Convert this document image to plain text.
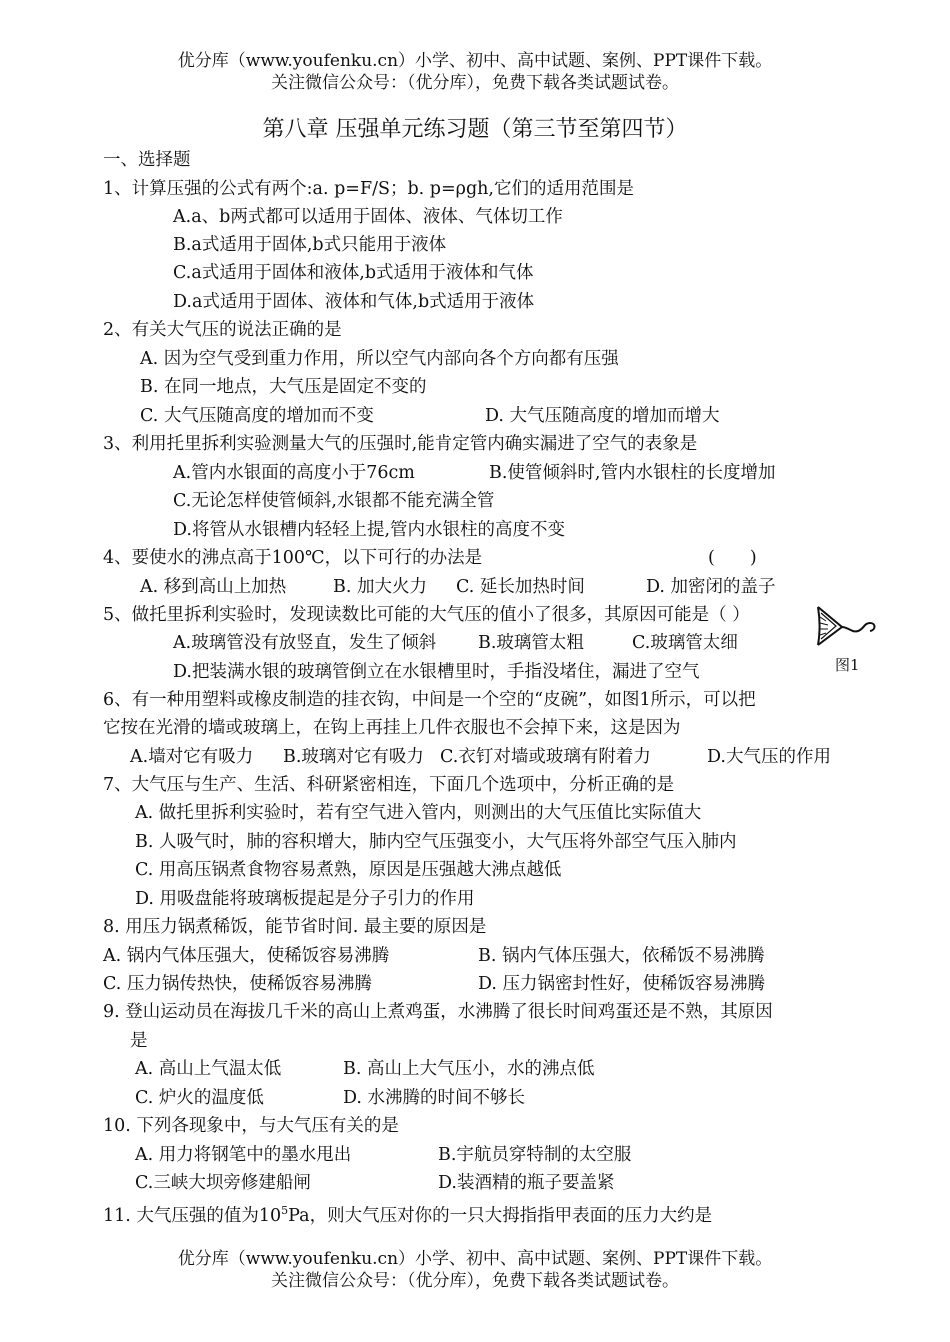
优分库（www.youfenku.cn）小学、初中、高中试题、案例、PPT课件下载。
关注微信公众号：（优分库），免费下载各类试题试卷。
第八章 压强单元练习题（第三节至第四节）
一、选择题
1、计算压强的公式有两个:a. p=F/S；b. p=ρgh,它们的适用范围是
A.a、b两式都可以适用于固体、液体、气体切工作
B.a式适用于固体,b式只能用于液体
C.a式适用于固体和液体,b式适用于液体和气体
D.a式适用于固体、液体和气体,b式适用于液体
2、有关大气压的说法正确的是
A. 因为空气受到重力作用，所以空气内部向各个方向都有压强
B. 在同一地点，大气压是固定不变的
C. 大气压随高度的增加而不变	D. 大气压随高度的增加而增大
3、利用托里拆利实验测量大气的压强时,能肯定管内确实漏进了空气的表象是
A.管内水银面的高度小于76cm	B.使管倾斜时,管内水银柱的长度增加
C.无论怎样使管倾斜,水银都不能充满全管
D.将管从水银槽内轻轻上提,管内水银柱的高度不变
4、要使水的沸点高于100℃，以下可行的办法是	(　　)
A. 移到高山上加热	B. 加大火力 C. 延长加热时间	D. 加密闭的盖子
5、做托里拆利实验时，发现读数比可能的大气压的值小了很多，其原因可能是（ ）
A.玻璃管没有放竖直，发生了倾斜 B.玻璃管太粗	C.玻璃管太细
D.把装满水银的玻璃管倒立在水银槽里时，手指没堵住，漏进了空气	图1
6、有一种用塑料或橡皮制造的挂衣钩，中间是一个空的“皮碗”，如图1所示，可以把
它按在光滑的墙或玻璃上，在钩上再挂上几件衣服也不会掉下来，这是因为
A.墙对它有吸力 B.玻璃对它有吸力 C.衣钉对墙或玻璃有附着力	D.大气压的作用
7、大气压与生产、生活、科研紧密相连，下面几个选项中，分析正确的是
A. 做托里拆利实验时，若有空气进入管内，则测出的大气压值比实际值大
B. 人吸气时，肺的容积增大，肺内空气压强变小，大气压将外部空气压入肺内
C. 用高压锅煮食物容易煮熟，原因是压强越大沸点越低
D. 用吸盘能将玻璃板提起是分子引力的作用
8. 用压力锅煮稀饭，能节省时间. 最主要的原因是
A. 锅内气体压强大，使稀饭容易沸腾	B. 锅内气体压强大，依稀饭不易沸腾
C. 压力锅传热快，使稀饭容易沸腾	D. 压力锅密封性好，使稀饭容易沸腾
9. 登山运动员在海拔几千米的高山上煮鸡蛋，水沸腾了很长时间鸡蛋还是不熟，其原因
是
A. 高山上气温太低	B. 高山上大气压小，水的沸点低
C. 炉火的温度低	D. 水沸腾的时间不够长
10. 下列各现象中，与大气压有关的是
A. 用力将钢笔中的墨水甩出	B.宇航员穿特制的太空服
C.三峡大坝旁修建船闸	D.装酒精的瓶子要盖紧
11. 大气压强的值为$10^5Pa$，则大气压对你的一只大拇指指甲表面的压力大约是
优分库（www.youfenku.cn）小学、初中、高中试题、案例、PPT课件下载。
关注微信公众号：（优分库），免费下载各类试题试卷。
